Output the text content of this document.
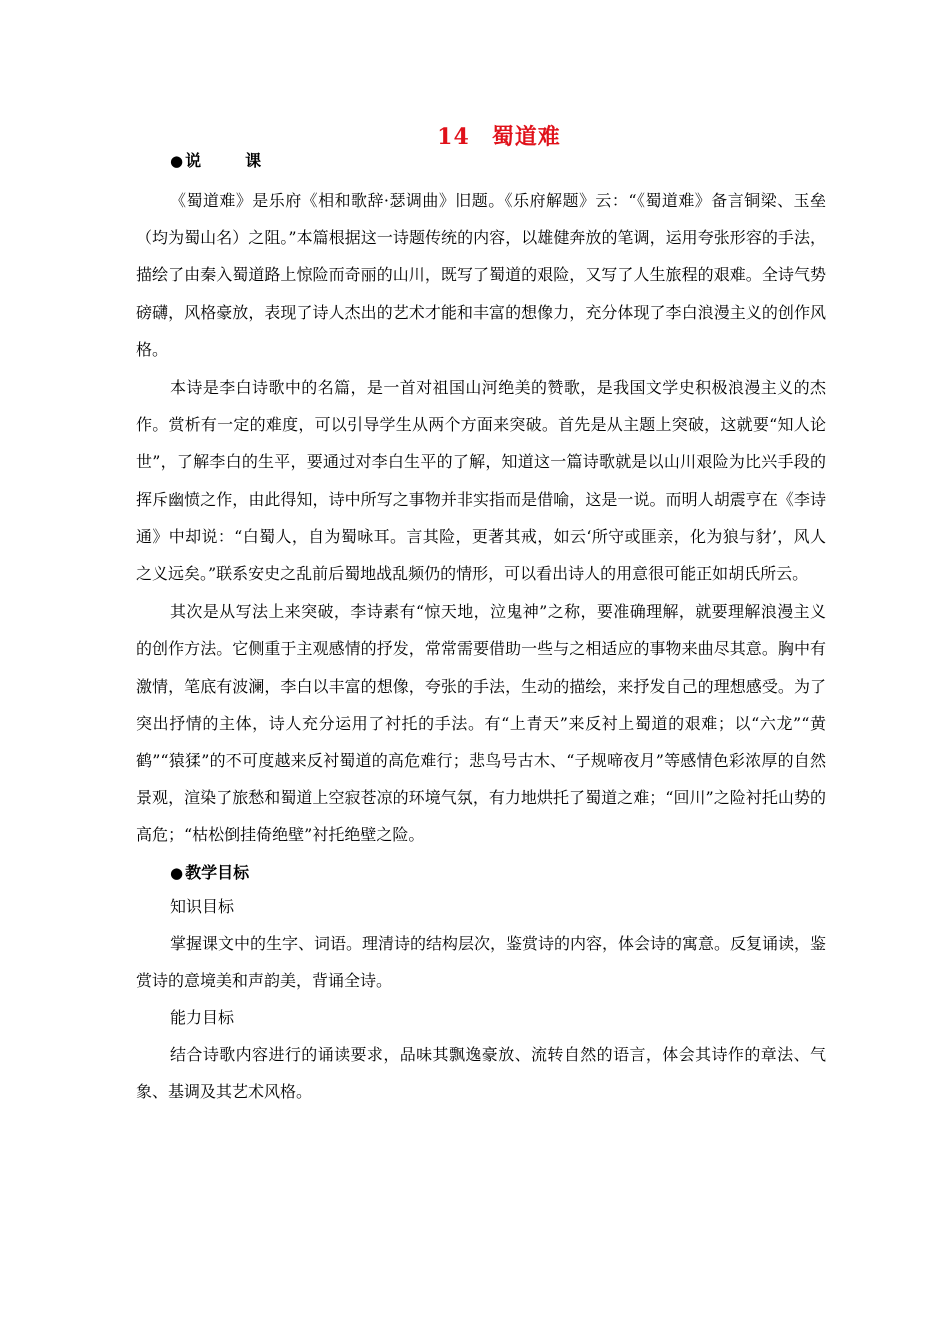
14 蜀道难
● 说　课

《蜀道难》是乐府《相和歌辞·瑟调曲》旧题。《乐府解题》云：“《蜀道难》备言铜梁、玉垒（均为蜀山名）之阻。”本篇根据这一诗题传统的内容，以雄健奔放的笔调，运用夸张形容的手法，描绘了由秦入蜀道路上惊险而奇丽的山川，既写了蜀道的艰险，又写了人生旅程的艰难。全诗气势磅礴，风格豪放，表现了诗人杰出的艺术才能和丰富的想像力，充分体现了李白浪漫主义的创作风格。

本诗是李白诗歌中的名篇，是一首对祖国山河绝美的赞歌，是我国文学史积极浪漫主义的杰作。赏析有一定的难度，可以引导学生从两个方面来突破。首先是从主题上突破，这就要“知人论世”，了解李白的生平，要通过对李白生平的了解，知道这一篇诗歌就是以山川艰险为比兴手段的挥斥幽愤之作，由此得知，诗中所写之事物并非实指而是借喻，这是一说。而明人胡震亨在《李诗通》中却说：“白蜀人，自为蜀咏耳。言其险，更著其戒，如云‘所守或匪亲，化为狼与豺’，风人之义远矣。”联系安史之乱前后蜀地战乱频仍的情形，可以看出诗人的用意很可能正如胡氏所云。

其次是从写法上来突破，李诗素有“惊天地，泣鬼神”之称，要准确理解，就要理解浪漫主义的创作方法。它侧重于主观感情的抒发，常常需要借助一些与之相适应的事物来曲尽其意。胸中有激情，笔底有波澜，李白以丰富的想像，夸张的手法，生动的描绘，来抒发自己的理想感受。为了突出抒情的主体，诗人充分运用了衬托的手法。有“上青天”来反衬上蜀道的艰难；以“六龙”“黄鹤”“猿猱”的不可度越来反衬蜀道的高危难行；悲鸟号古木、“子规啼夜月”等感情色彩浓厚的自然景观，渲染了旅愁和蜀道上空寂苍凉的环境气氛，有力地烘托了蜀道之难；“回川”之险衬托山势的高危；“枯松倒挂倚绝壁”衬托绝壁之险。

● 教学目标
知识目标

掌握课文中的生字、词语。理清诗的结构层次，鉴赏诗的内容，体会诗的寓意。反复诵读，鉴赏诗的意境美和声韵美，背诵全诗。

能力目标

结合诗歌内容进行的诵读要求，品味其飘逸豪放、流转自然的语言，体会其诗作的章法、气象、基调及其艺术风格。
